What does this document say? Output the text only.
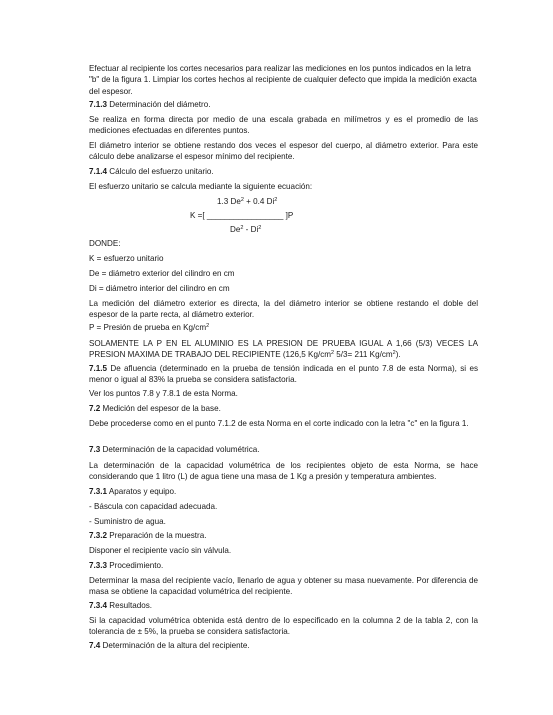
Efectuar al recipiente los cortes necesarios para realizar las mediciones en los puntos indicados en la letra "b" de la figura 1. Limpiar los cortes hechos al recipiente de cualquier defecto que impida la medición exacta del espesor.

7.1.3 Determinación del diámetro.

Se realiza en forma directa por medio de una escala grabada en milímetros y es el promedio de las mediciones efectuadas en diferentes puntos.

El diámetro interior se obtiene restando dos veces el espesor del cuerpo, al diámetro exterior. Para este cálculo debe analizarse el espesor mínimo del recipiente.

7.1.4 Cálculo del esfuerzo unitario.

El esfuerzo unitario se calcula mediante la siguiente ecuación:

1.3 $De^2 + 0.4$ Di$^2$
K =[ _________________ ]P
De$^2$ - Di$^2$

DONDE:

K = esfuerzo unitario

De = diámetro exterior del cilindro en cm

Di = diámetro interior del cilindro en cm

La medición del diámetro exterior es directa, la del diámetro interior se obtiene restando el doble del espesor de la parte recta, al diámetro exterior.

P = Presión de prueba en $Kg/cm^2$

SOLAMENTE LA P EN EL ALUMINIO ES LA PRESION DE PRUEBA IGUAL A 1,66 (5/3) VECES LA PRESION MAXIMA DE TRABAJO DEL RECIPIENTE (126,5 $Kg/cm^2$ 5/3= 211 $Kg/cm^2$).

7.1.5 De afluencia (determinado en la prueba de tensión indicada en el punto 7.8 de esta Norma), si es menor o igual al 83% la prueba se considera satisfactoria.

Ver los puntos 7.8 y 7.8.1 de esta Norma.

7.2 Medición del espesor de la base.

Debe procederse como en el punto 7.1.2 de esta Norma en el corte indicado con la letra "c" en la figura 1.

7.3 Determinación de la capacidad volumétrica.

La determinación de la capacidad volumétrica de los recipientes objeto de esta Norma, se hace considerando que 1 litro (L) de agua tiene una masa de 1 Kg a presión y temperatura ambientes.

7.3.1 Aparatos y equipo.

- Báscula con capacidad adecuada.

- Suministro de agua.

7.3.2 Preparación de la muestra.

Disponer el recipiente vacío sin válvula.

7.3.3 Procedimiento.

Determinar la masa del recipiente vacío, llenarlo de agua y obtener su masa nuevamente. Por diferencia de masa se obtiene la capacidad volumétrica del recipiente.

7.3.4 Resultados.

Si la capacidad volumétrica obtenida está dentro de lo especificado en la columna 2 de la tabla 2, con la tolerancia de ± 5%, la prueba se considera satisfactoria.

7.4 Determinación de la altura del recipiente.
